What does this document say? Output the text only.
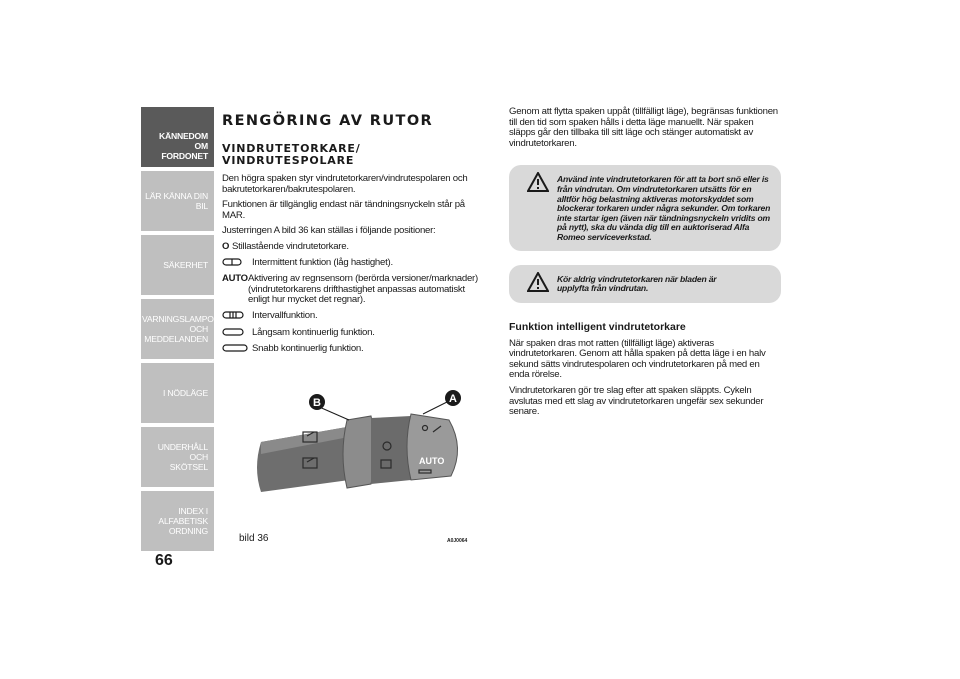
KÄNNEDOM OM FORDONET
LÄR KÄNNA DIN BIL
SÄKERHET
VARNINGSLAMPOR OCH MEDDELANDEN
I NÖDLÄGE
UNDERHÅLL OCH SKÖTSEL
INDEX I ALFABETISK ORDNING
66
RENGÖRING AV RUTOR
VINDRUTETORKARE/ VINDRUTESPOLARE
Den högra spaken styr vindrutetorkaren/vindrutespolaren och bakrutetorkaren/bakrutespolaren.
Funktionen är tillgänglig endast när tändningsnyckeln står på MAR.
Justerringen A bild 36 kan ställas i följande positioner:
O Stillastående vindrutetorkare.
Intermittent funktion (låg hastighet).
AUTO Aktivering av regnsensorn (berörda versioner/marknader) (vindrutetorkarens drifthastighet anpassas automatiskt enligt hur mycket det regnar).
Intervallfunktion.
Långsam kontinuerlig funktion.
Snabb kontinuerlig funktion.
AUTO
B	A
bild 36	A0J0064
Genom att flytta spaken uppåt (tillfälligt läge), begränsas funktionen till den tid som spaken hålls i detta läge manuellt. När spaken släpps går den tillbaka till sitt läge och stänger automatiskt av vindrutetorkaren.

Använd inte vindrutetorkaren för att ta bort snö eller is från vindrutan. Om vindrutetorkaren utsätts för en alltför hög belastning aktiveras motorskyddet som blockerar torkaren under några sekunder. Om torkaren inte startar igen (även när tändningsnyckeln vridits om på nytt), ska du vända dig till en auktoriserad Alfa Romeo serviceverkstad.

Kör aldrig vindrutetorkaren när bladen är upplyfta från vindrutan.

Funktion intelligent vindrutetorkare
När spaken dras mot ratten (tillfälligt läge) aktiveras vindrutetorkaren. Genom att hålla spaken på detta läge i en halv sekund sätts vindrutespolaren och vindrutetorkaren på med en enda rörelse.
Vindrutetorkaren gör tre slag efter att spaken släppts. Cykeln avslutas med ett slag av vindrutetorkaren ungefär sex sekunder senare.
